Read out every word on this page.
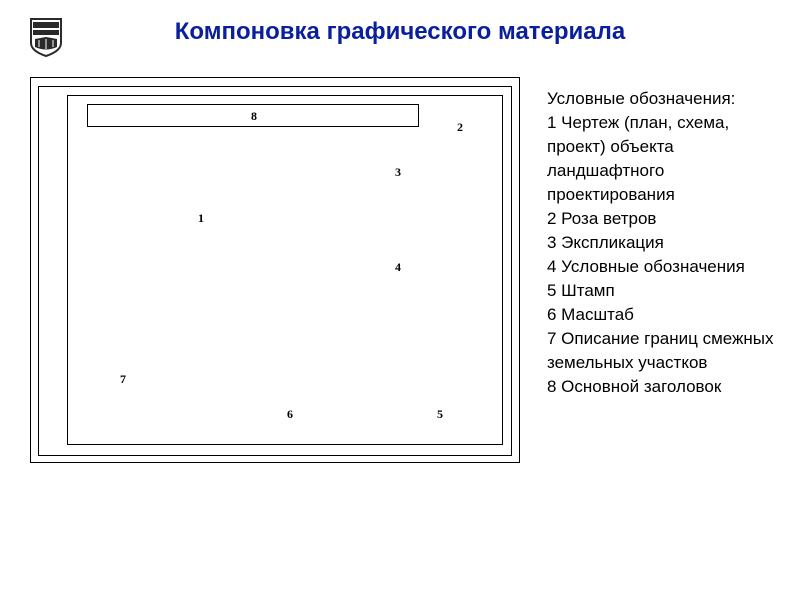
Компоновка графического материала
8
2
3
1
4
7
6	5
Условные обозначения:
1 Чертеж (план, схема, проект) объекта ландшафтного проектирования
2 Роза ветров
3 Экспликация
4 Условные обозначения
5 Штамп
6 Масштаб
7 Описание границ смежных земельных участков
8 Основной заголовок
